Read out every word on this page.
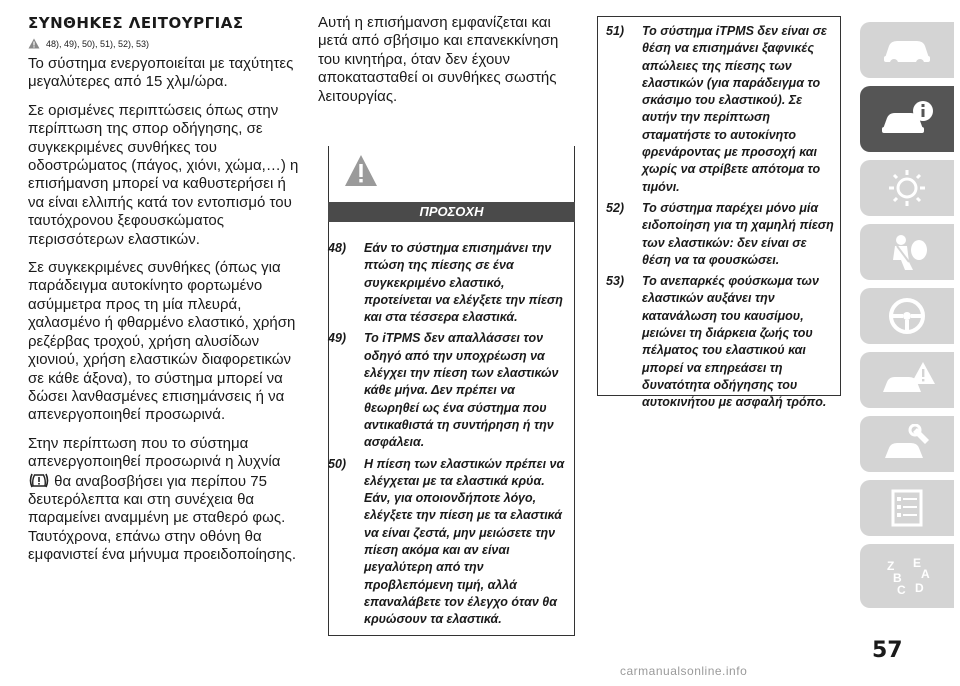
ΣΥΝΘΗΚΕΣ ΛΕΙΤΟΥΡΓΙΑΣ
48), 49), 50), 51), 52), 53)

Το σύστημα ενεργοποιείται με ταχύτητες μεγαλύτερες από 15 χλμ/ώρα.

Σε ορισμένες περιπτώσεις όπως στην περίπτωση της σπορ οδήγησης, σε συγκεκριμένες συνθήκες του οδοστρώματος (πάγος, χιόνι, χώμα,…) η επισήμανση μπορεί να καθυστερήσει ή να είναι ελλιπής κατά τον εντοπισμό του ταυτόχρονου ξεφουσκώματος περισσότερων ελαστικών.

Σε συγκεκριμένες συνθήκες (όπως για παράδειγμα αυτοκίνητο φορτωμένο ασύμμετρα προς τη μία πλευρά, χαλασμένο ή φθαρμένο ελαστικό, χρήση ρεζέρβας τροχού, χρήση αλυσίδων χιονιού, χρήση ελαστικών διαφορετικών σε κάθε άξονα), το σύστημα μπορεί να δώσει λανθασμένες επισημάνσεις ή να απενεργοποιηθεί προσωρινά.

Στην περίπτωση που το σύστημα απενεργοποιηθεί προσωρινά η λυχνία  θα αναβοσβήσει για περίπου 75 δευτερόλεπτα και στη συνέχεια θα παραμείνει αναμμένη με σταθερό φως. Ταυτόχρονα, επάνω στην οθόνη θα εμφανιστεί ένα μήνυμα προειδοποίησης.

Αυτή η επισήμανση εμφανίζεται και μετά από σβήσιμο και επανεκκίνηση του κινητήρα, όταν δεν έχουν αποκατασταθεί οι συνθήκες σωστής λειτουργίας.

ΠΡΟΣΟΧΗ
48)	Εάν το σύστημα επισημάνει την πτώση της πίεσης σε ένα συγκεκριμένο ελαστικό, προτείνεται να ελέγξετε την πίεση και στα τέσσερα ελαστικά.
49)	Το iTPMS δεν απαλλάσσει τον οδηγό από την υποχρέωση να ελέγχει την πίεση των ελαστικών κάθε μήνα. Δεν πρέπει να θεωρηθεί ως ένα σύστημα που αντικαθιστά τη συντήρηση ή την ασφάλεια.
50)	Η πίεση των ελαστικών πρέπει να ελέγχεται με τα ελαστικά κρύα. Εάν, για οποιονδήποτε λόγο, ελέγξετε την πίεση με τα ελαστικά να είναι ζεστά, μην μειώσετε την πίεση ακόμα και αν είναι μεγαλύτερη από την προβλεπόμενη τιμή, αλλά επαναλάβετε τον έλεγχο όταν θα κρυώσουν τα ελαστικά.
51)	Το σύστημα iTPMS δεν είναι σε θέση να επισημάνει ξαφνικές απώλειες της πίεσης των ελαστικών (για παράδειγμα το σκάσιμο του ελαστικού). Σε αυτήν την περίπτωση σταματήστε το αυτοκίνητο φρενάροντας με προσοχή και χωρίς να στρίβετε απότομα το τιμόνι.
52)	Το σύστημα παρέχει μόνο μία ειδοποίηση για τη χαμηλή πίεση των ελαστικών: δεν είναι σε θέση να τα φουσκώσει.
53)	Το ανεπαρκές φούσκωμα των ελαστικών αυξάνει την κατανάλωση του καυσίμου, μειώνει τη διάρκεια ζωής του πέλματος του ελαστικού και μπορεί να επηρεάσει τη δυνατότητα οδήγησης του αυτοκινήτου με ασφαλή τρόπο.
Z E
A
B
C D
57
carmanualsonline.info
